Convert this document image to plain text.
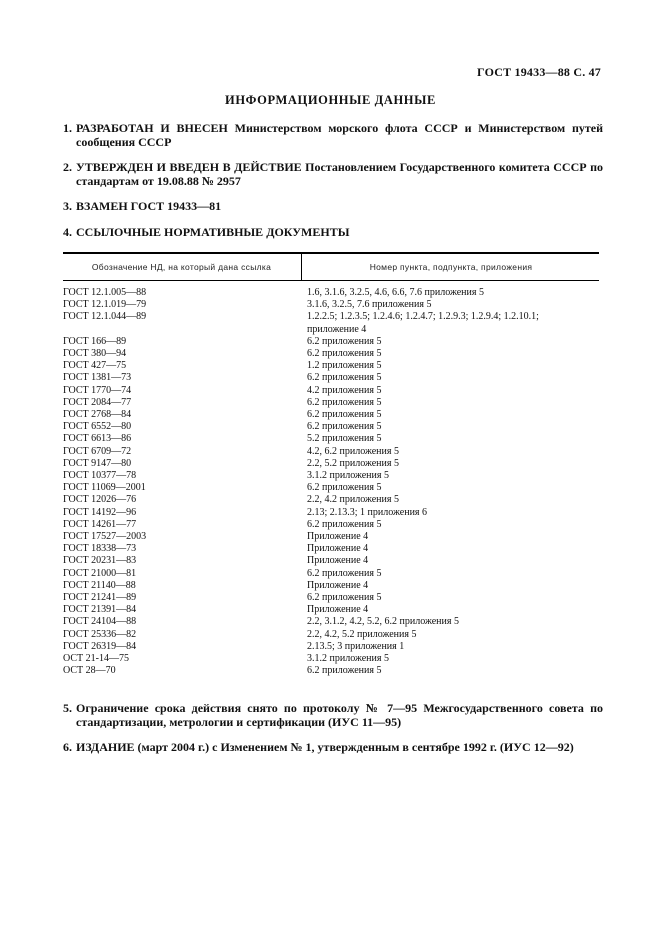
ГОСТ 19433—88 С. 47
ИНФОРМАЦИОННЫЕ ДАННЫЕ
1. РАЗРАБОТАН И ВНЕСЕН Министерством морского флота СССР и Министерством путей сообщения СССР
2. УТВЕРЖДЕН И ВВЕДЕН В ДЕЙСТВИЕ Постановлением Государственного комитета СССР по стандартам от 19.08.88 № 2957
3. ВЗАМЕН ГОСТ 19433—81
4. ССЫЛОЧНЫЕ НОРМАТИВНЫЕ ДОКУМЕНТЫ
Обозначение НД, на который дана ссылка	Номер пункта, подпункта, приложения
ГОСТ 12.1.005—88	1.6, 3.1.6, 3.2.5, 4.6, 6.6, 7.6 приложения 5
ГОСТ 12.1.019—79	3.1.6, 3.2.5, 7.6 приложения 5
ГОСТ 12.1.044—89	1.2.2.5; 1.2.3.5; 1.2.4.6; 1.2.4.7; 1.2.9.3; 1.2.9.4; 1.2.10.1;
приложение 4
ГОСТ 166—89	6.2 приложения 5
ГОСТ 380—94	6.2 приложения 5
ГОСТ 427—75	1.2 приложения 5
ГОСТ 1381—73	6.2 приложения 5
ГОСТ 1770—74	4.2 приложения 5
ГОСТ 2084—77	6.2 приложения 5
ГОСТ 2768—84	6.2 приложения 5
ГОСТ 6552—80	6.2 приложения 5
ГОСТ 6613—86	5.2 приложения 5
ГОСТ 6709—72	4.2, 6.2 приложения 5
ГОСТ 9147—80	2.2, 5.2 приложения 5
ГОСТ 10377—78	3.1.2 приложения 5
ГОСТ 11069—2001	6.2 приложения 5
ГОСТ 12026—76	2.2, 4.2 приложения 5
ГОСТ 14192—96	2.13; 2.13.3; 1 приложения 6
ГОСТ 14261—77	6.2 приложения 5
ГОСТ 17527—2003	Приложение 4
ГОСТ 18338—73	Приложение 4
ГОСТ 20231—83	Приложение 4
ГОСТ 21000—81	6.2 приложения 5
ГОСТ 21140—88	Приложение 4
ГОСТ 21241—89	6.2 приложения 5
ГОСТ 21391—84	Приложение 4
ГОСТ 24104—88	2.2, 3.1.2, 4.2, 5.2, 6.2 приложения 5
ГОСТ 25336—82	2.2, 4.2, 5.2 приложения 5
ГОСТ 26319—84	2.13.5; 3 приложения 1
ОСТ 21-14—75	3.1.2 приложения 5
ОСТ 28—70	6.2 приложения 5
5. Ограничение срока действия снято по протоколу № 7—95 Межгосударственного совета по стандартизации, метрологии и сертификации (ИУС 11—95)
6. ИЗДАНИЕ (март 2004 г.) с Изменением № 1, утвержденным в сентябре 1992 г. (ИУС 12—92)
